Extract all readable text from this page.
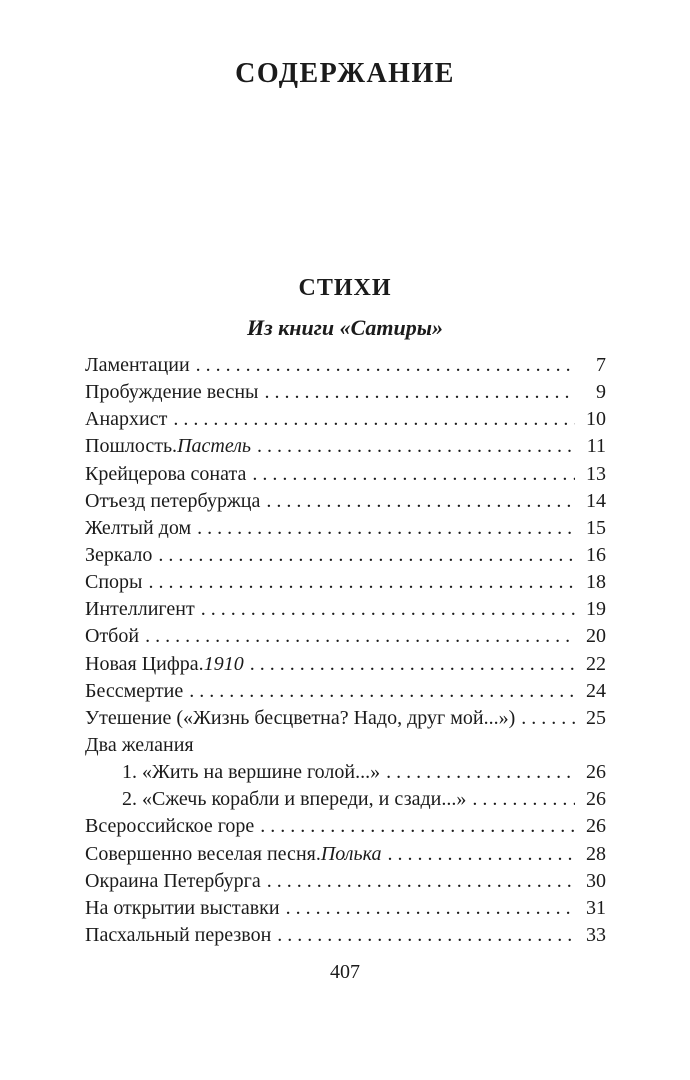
СОДЕРЖАНИЕ
СТИХИ
Из книги «Сатиры»
Ламентации . . .	7
Пробуждение весны . . .	9
Анархист . . .	10
Пошлость. Пастель . . .	11
Крейцерова соната . . .	13
Отъезд петербуржца . . .	14
Желтый дом . . .	15
Зеркало . . .	16
Споры . . .	18
Интеллигент . . .	19
Отбой . . .	20
Новая Цифра. 1910 . . .	22
Бессмертие . . .	24
Утешение («Жизнь бесцветна? Надо, друг мой...») . . .	25
Два желания
1. «Жить на вершине голой...» . . .	26
2. «Сжечь корабли и впереди, и сзади...» . . .	26
Всероссийское горе . . .	26
Совершенно веселая песня. Полька . . .	28
Окраина Петербурга . . .	30
На открытии выставки . . .	31
Пасхальный перезвон . . .	33
407
